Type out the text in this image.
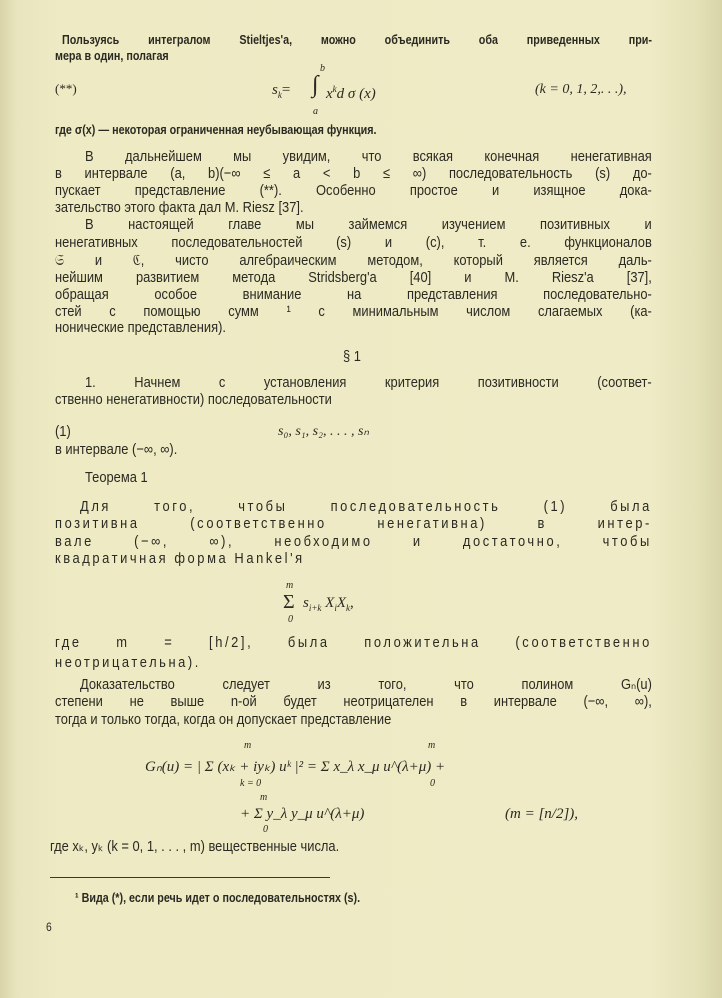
Пользуясь интегралом Stieltjes'a, можно объединить оба приведенных при-
мера в один, полагая
(**)
b
$s_k=$ ∫ $x^kd$ σ (x)
a
(k = 0, 1, 2,. . .),
где σ(x) — некоторая ограниченная неубывающая функция.
В дальнейшем мы увидим, что всякая конечная ненегативная
в интервале (a, b)(−∞ ≤ a < b ≤ ∞) последовательность (s) до-
пускает представление (**). Особенно простое и изящное дока-
зательство этого факта дал M. Riesz [37].
В настоящей главе мы займемся изучением позитивных и
ненегативных последовательностей (s) и (c), т. е. функционалов
𝔖 и ℭ, чисто алгебраическим методом, который является даль-
нейшим развитием метода Stridsberg'a [40] и M. Riesz'a [37],
обращая особое внимание на представления последовательно-
стей с помощью сумм ¹ с минимальным числом слагаемых (ка-
нонические представления).
§ 1
1. Начнем с установления критерия позитивности (соответ-
ственно ненегативности) последовательности
(1)	s₀, s₁, s₂, . . . , sₙ
в интервале (−∞, ∞).
Теорема 1
Для того, чтобы последовательность (1) была
позитивна (соответственно ненегативна) в интер-
вале (−∞, ∞), необходимо и достаточно, чтобы
квадратичная форма Hankel'я
m
Σ
0
$s_{i+k}$ $X_iX_k$,
где m = [h/2], была положительна (соответственно
неотрицательна).
Доказательство следует из того, что полином Gₙ(u)
степени не выше n-ой будет неотрицателен в интервале (−∞, ∞),
тогда и только тогда, когда он допускает представление
m	m
Gₙ(u) = | Σ (xₖ + iyₖ) uᵏ |² = Σ x_λ x_μ u^(λ+μ) +
k = 0	0
m
+ Σ y_λ y_μ u^(λ+μ)
0
(m = [n/2]),
где xₖ, yₖ (k = 0, 1, . . . , m) вещественные числа.
¹ Вида (*), если речь идет о последовательностях (s).
6
